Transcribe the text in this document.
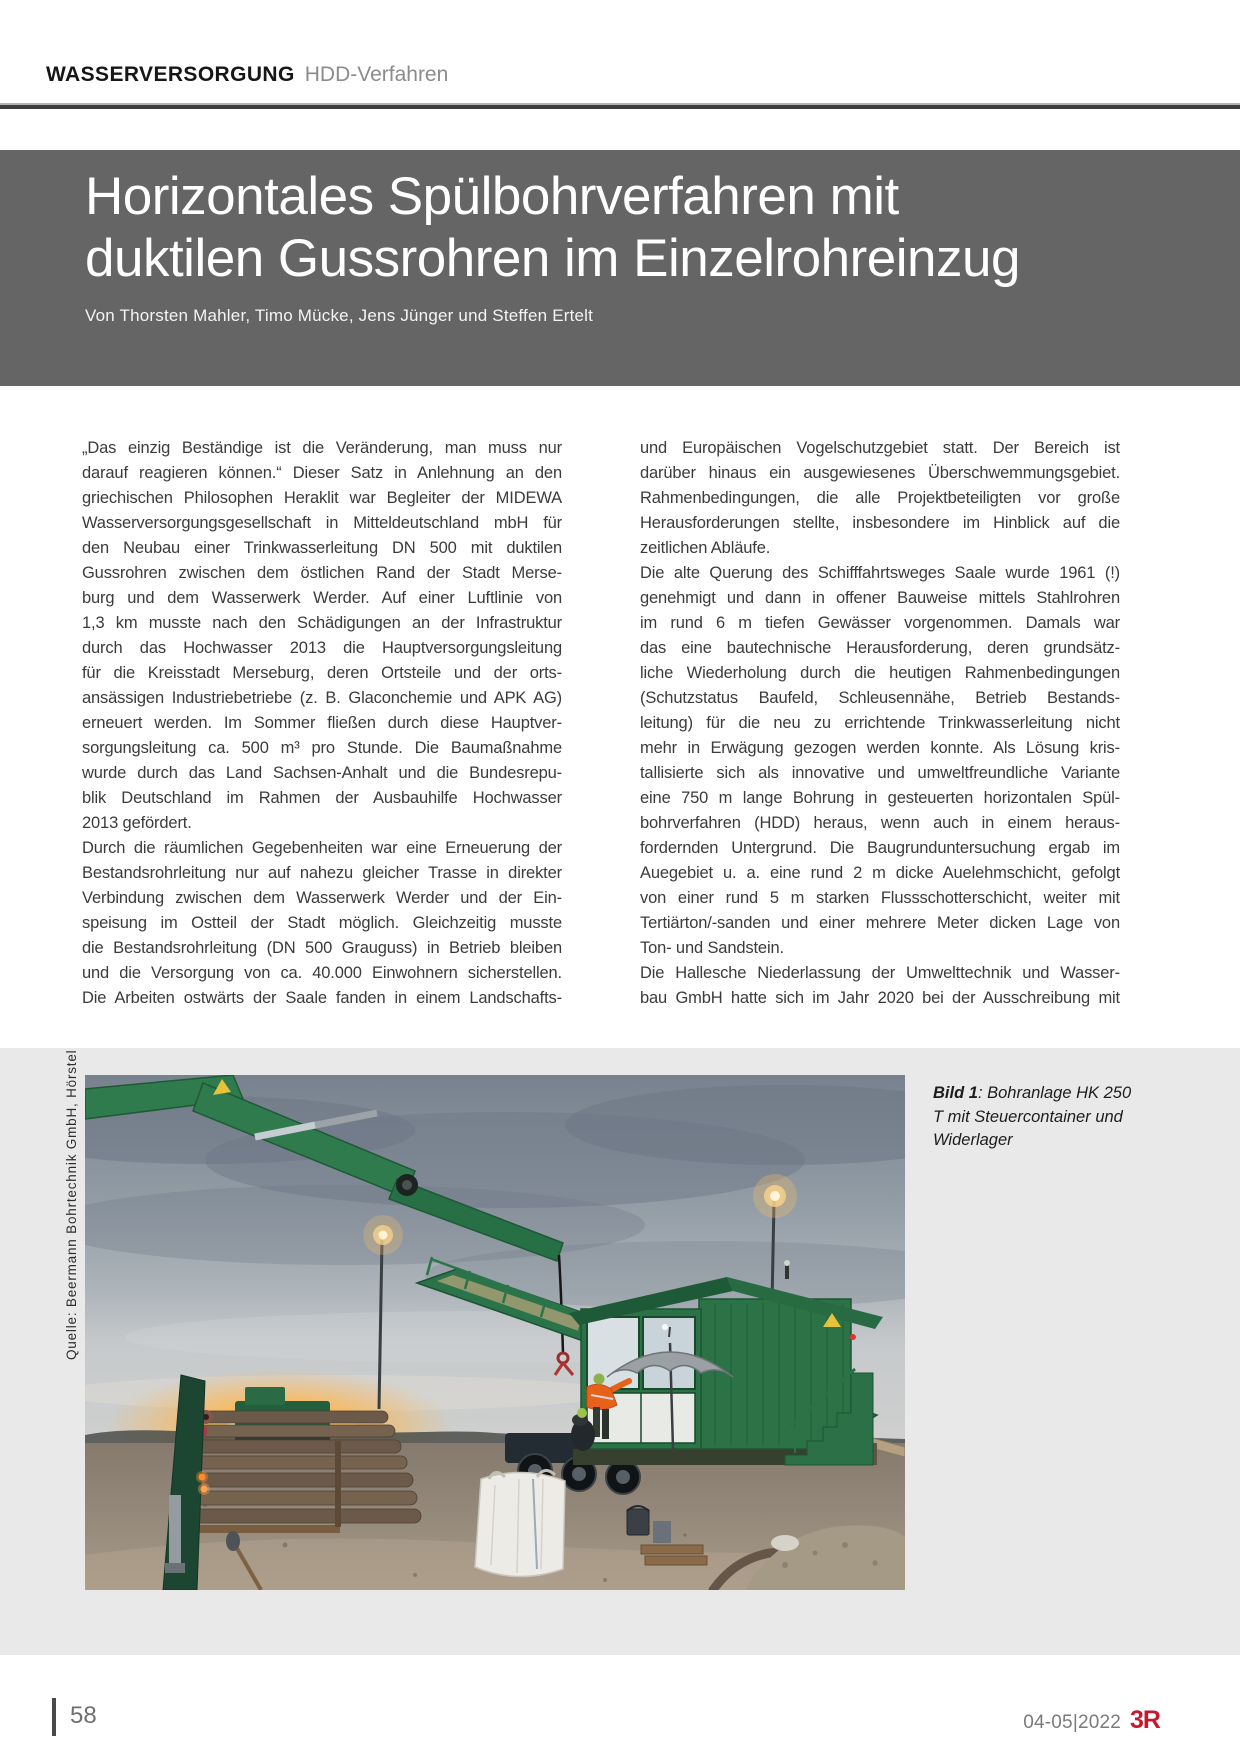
WASSERVERSORGUNG HDD-Verfahren
Horizontales Spülbohrverfahren mit
duktilen Gussrohren im Einzelrohreinzug

Von Thorsten Mahler, Timo Mücke, Jens Jünger und Steffen Ertelt

„Das einzig Beständige ist die Veränderung, man muss nur
darauf reagieren können.“ Dieser Satz in Anlehnung an den
griechischen Philosophen Heraklit war Begleiter der MIDEWA
Wasserversorgungsgesellschaft in Mitteldeutschland mbH für
den Neubau einer Trinkwasserleitung DN 500 mit duktilen
Gussrohren zwischen dem östlichen Rand der Stadt Merse-
burg und dem Wasserwerk Werder. Auf einer Luftlinie von
1,3 km musste nach den Schädigungen an der Infrastruktur
durch das Hochwasser 2013 die Hauptversorgungsleitung
für die Kreisstadt Merseburg, deren Ortsteile und der orts-
ansässigen Industriebetriebe (z. B. Glaconchemie und APK AG)
erneuert werden. Im Sommer fließen durch diese Hauptver-
sorgungsleitung ca. 500 m³ pro Stunde. Die Baumaßnahme
wurde durch das Land Sachsen-Anhalt und die Bundesrepu-
blik Deutschland im Rahmen der Ausbauhilfe Hochwasser
2013 gefördert.
Durch die räumlichen Gegebenheiten war eine Erneuerung der
Bestandsrohrleitung nur auf nahezu gleicher Trasse in direkter
Verbindung zwischen dem Wasserwerk Werder und der Ein-
speisung im Ostteil der Stadt möglich. Gleichzeitig musste
die Bestandsrohrleitung (DN 500 Grauguss) in Betrieb bleiben
und die Versorgung von ca. 40.000 Einwohnern sicherstellen.
Die Arbeiten ostwärts der Saale fanden in einem Landschafts-
und Europäischen Vogelschutzgebiet statt. Der Bereich ist
darüber hinaus ein ausgewiesenes Überschwemmungsgebiet.
Rahmenbedingungen, die alle Projektbeteiligten vor große
Herausforderungen stellte, insbesondere im Hinblick auf die
zeitlichen Abläufe.
Die alte Querung des Schifffahrtsweges Saale wurde 1961 (!)
genehmigt und dann in offener Bauweise mittels Stahlrohren
im rund 6 m tiefen Gewässer vorgenommen. Damals war
das eine bautechnische Herausforderung, deren grundsätz-
liche Wiederholung durch die heutigen Rahmenbedingungen
(Schutzstatus Baufeld, Schleusennähe, Betrieb Bestands-
leitung) für die neu zu errichtende Trinkwasserleitung nicht
mehr in Erwägung gezogen werden konnte. Als Lösung kris-
tallisierte sich als innovative und umweltfreundliche Variante
eine 750 m lange Bohrung in gesteuerten horizontalen Spül-
bohrverfahren (HDD) heraus, wenn auch in einem heraus-
fordernden Untergrund. Die Baugrunduntersuchung ergab im
Auegebiet u. a. eine rund 2 m dicke Auelehmschicht, gefolgt
von einer rund 5 m starken Flussschotterschicht, weiter mit
Tertiärton/-sanden und einer mehrere Meter dicken Lage von
Ton- und Sandstein.
Die Hallesche Niederlassung der Umwelttechnik und Wasser-
bau GmbH hatte sich im Jahr 2020 bei der Ausschreibung mit
Quelle: Beermann Bohrtechnik GmbH, Hörstel	Bild 1: Bohranlage HK 250 T mit Steuercontainer und Widerlager
58	04-05|2022 3R
